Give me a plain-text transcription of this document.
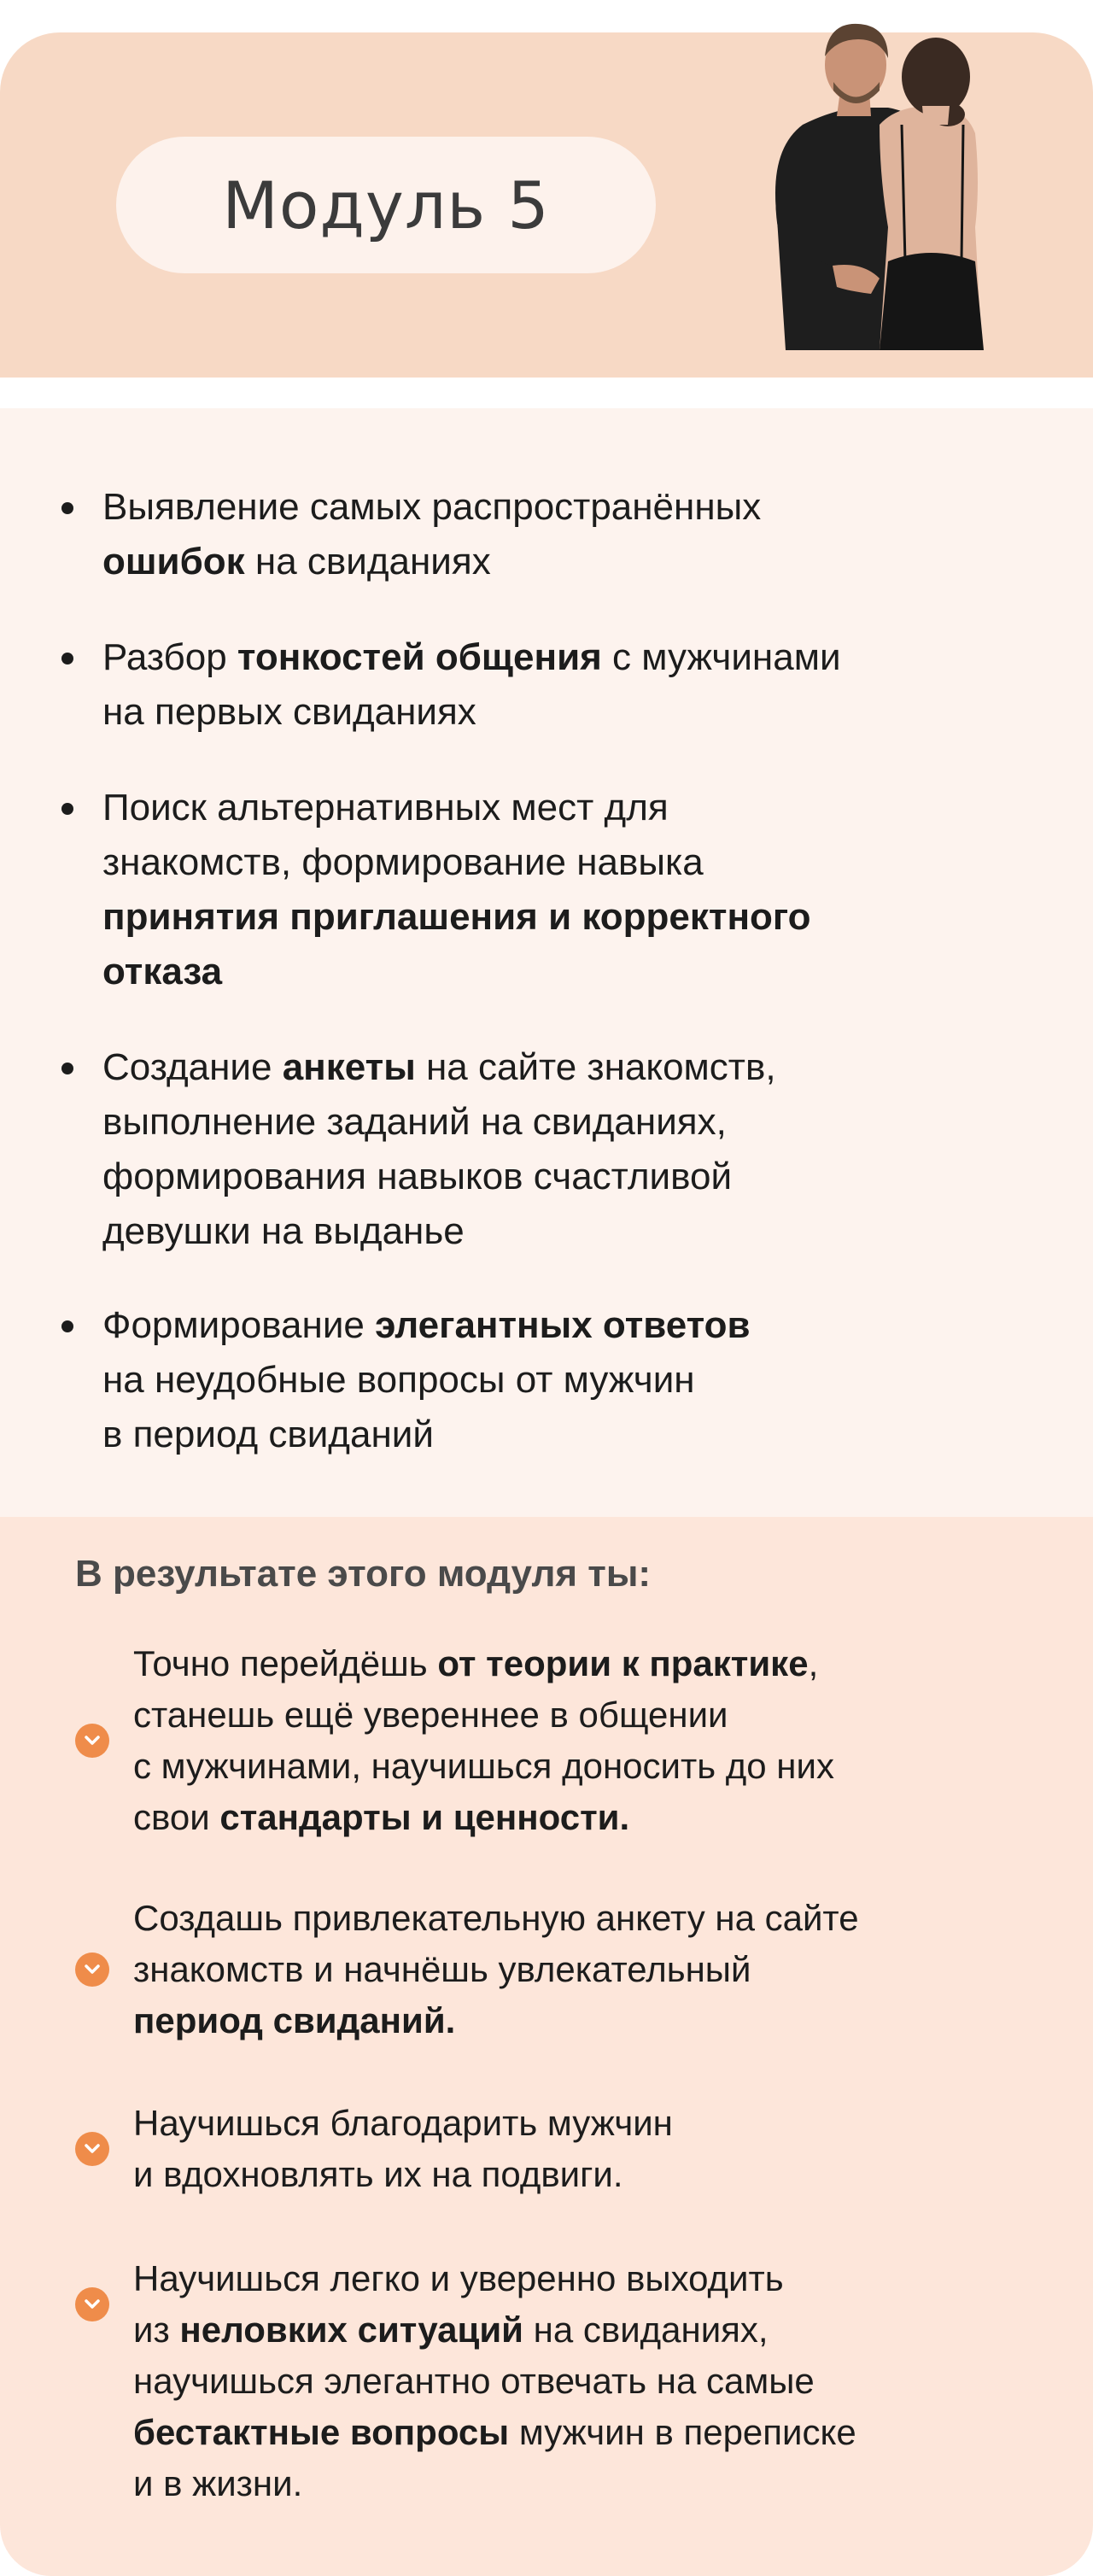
Модуль 5
Выявление самых распространённых
ошибок на свиданиях
Разбор тонкостей общения с мужчинами
на первых свиданиях
Поиск альтернативных мест для
знакомств, формирование навыка
принятия приглашения и корректного
отказа
Создание анкеты на сайте знакомств,
выполнение заданий на свиданиях,
формирования навыков счастливой
девушки на выданье
Формирование элегантных ответов
на неудобные вопросы от мужчин
в период свиданий
В результате этого модуля ты:
Точно перейдёшь от теории к практике,
станешь ещё увереннее в общении
с мужчинами, научишься доносить до них
свои стандарты и ценности.
Создашь привлекательную анкету на сайте
знакомств и начнёшь увлекательный
период свиданий.
Научишься благодарить мужчин
и вдохновлять их на подвиги.
Научишься легко и уверенно выходить
из неловких ситуаций на свиданиях,
научишься элегантно отвечать на самые
бестактные вопросы мужчин в переписке
и в жизни.
